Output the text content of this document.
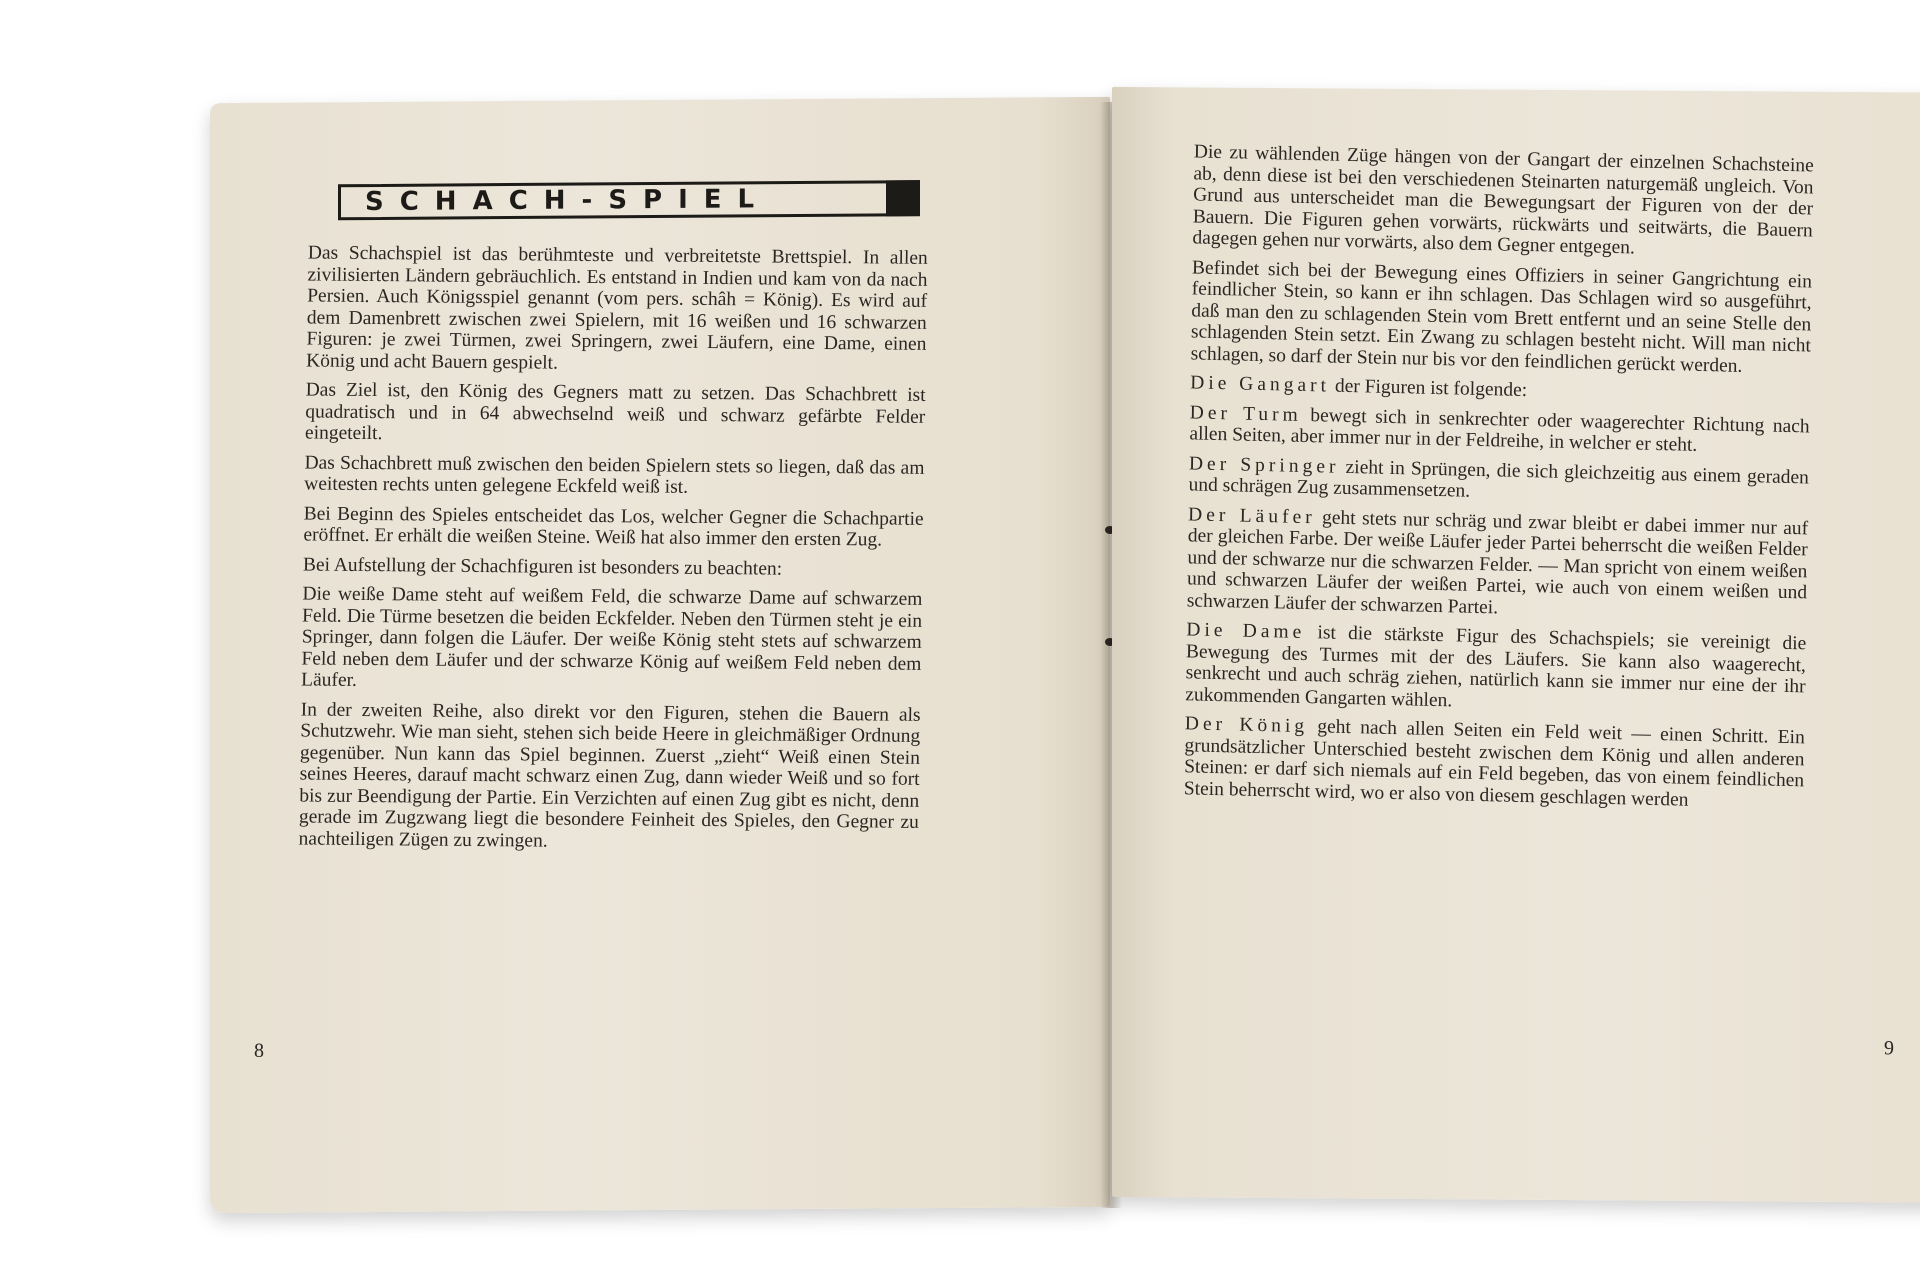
SCHACH-SPIEL

Das Schachspiel ist das berühmteste und verbreitetste Brettspiel. In allen zivilisierten Ländern gebräuchlich. Es entstand in Indien und kam von da nach Persien. Auch Königsspiel genannt (vom pers. schâh = König). Es wird auf dem Damenbrett zwischen zwei Spielern, mit 16 weißen und 16 schwarzen Figuren: je zwei Türmen, zwei Springern, zwei Läufern, eine Dame, einen König und acht Bauern gespielt.

Das Ziel ist, den König des Gegners matt zu setzen. Das Schachbrett ist quadratisch und in 64 abwechselnd weiß und schwarz gefärbte Felder eingeteilt.

Das Schachbrett muß zwischen den beiden Spielern stets so liegen, daß das am weitesten rechts unten gelegene Eckfeld weiß ist.

Bei Beginn des Spieles entscheidet das Los, welcher Gegner die Schachpartie eröffnet. Er erhält die weißen Steine. Weiß hat also immer den ersten Zug.

Bei Aufstellung der Schachfiguren ist besonders zu beachten:

Die weiße Dame steht auf weißem Feld, die schwarze Dame auf schwarzem Feld. Die Türme besetzen die beiden Eckfelder. Neben den Türmen steht je ein Springer, dann folgen die Läufer. Der weiße König steht stets auf schwarzem Feld neben dem Läufer und der schwarze König auf weißem Feld neben dem Läufer.

In der zweiten Reihe, also direkt vor den Figuren, stehen die Bauern als Schutzwehr. Wie man sieht, stehen sich beide Heere in gleichmäßiger Ordnung gegenüber. Nun kann das Spiel beginnen. Zuerst „zieht“ Weiß einen Stein seines Heeres, darauf macht schwarz einen Zug, dann wieder Weiß und so fort bis zur Beendigung der Partie. Ein Verzichten auf einen Zug gibt es nicht, denn gerade im Zugzwang liegt die besondere Feinheit des Spieles, den Gegner zu nachteiligen Zügen zu zwingen.

8

Die zu wählenden Züge hängen von der Gangart der einzelnen Schachsteine ab, denn diese ist bei den verschiedenen Steinarten naturgemäß ungleich. Von Grund aus unterscheidet man die Bewegungsart der Figuren von der der Bauern. Die Figuren gehen vorwärts, rückwärts und seitwärts, die Bauern dagegen gehen nur vorwärts, also dem Gegner entgegen.

Befindet sich bei der Bewegung eines Offiziers in seiner Gangrichtung ein feindlicher Stein, so kann er ihn schlagen. Das Schlagen wird so ausgeführt, daß man den zu schlagenden Stein vom Brett entfernt und an seine Stelle den schlagenden Stein setzt. Ein Zwang zu schlagen besteht nicht. Will man nicht schlagen, so darf der Stein nur bis vor den feindlichen gerückt werden.

Die Gangart der Figuren ist folgende:

Der Turm bewegt sich in senkrechter oder waagerechter Richtung nach allen Seiten, aber immer nur in der Feldreihe, in welcher er steht.

Der Springer zieht in Sprüngen, die sich gleichzeitig aus einem geraden und schrägen Zug zusammensetzen.

Der Läufer geht stets nur schräg und zwar bleibt er dabei immer nur auf der gleichen Farbe. Der weiße Läufer jeder Partei beherrscht die weißen Felder und der schwarze nur die schwarzen Felder. — Man spricht von einem weißen und schwarzen Läufer der weißen Partei, wie auch von einem weißen und schwarzen Läufer der schwarzen Partei.

Die Dame ist die stärkste Figur des Schachspiels; sie vereinigt die Bewegung des Turmes mit der des Läufers. Sie kann also waagerecht, senkrecht und auch schräg ziehen, natürlich kann sie immer nur eine der ihr zukommenden Gangarten wählen.

Der König geht nach allen Seiten ein Feld weit — einen Schritt. Ein grundsätzlicher Unterschied besteht zwischen dem König und allen anderen Steinen: er darf sich niemals auf ein Feld begeben, das von einem feindlichen Stein beherrscht wird, wo er also von diesem geschlagen werden

9
